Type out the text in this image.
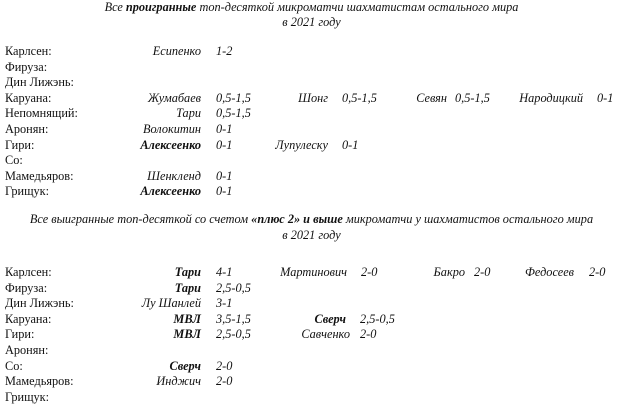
Все проигранные топ-десяткой микроматчи шахматистам остального мира
в 2021 году
Карлсен:	Есипенко 1-2
Фируза:
Дин Лижэнь:
Каруана:	Жумабаев 0,5-1,5	Шонг 0,5-1,5	Севян 0,5-1,5 Народицкий 0-1
Непомнящий:	Тари 0,5-1,5
Аронян:	Волокитин 0-1
Гири:	Алексеенко 0-1	Лупулеску 0-1
Со:
Мамедьяров:	Шенкленд 0-1
Грищук:	Алексеенко 0-1
Все выигранные топ-десяткой со счетом «плюс 2» и выше микроматчи у шахматистов остального мира
в 2021 году
Карлсен:	Тари 4-1	Мартинович 2-0	Бакро 2-0	Федосеев 2-0
Фируза:	Тари 2,5-0,5
Дин Лижэнь:	Лу Шанлей 3-1
Каруана:	МВЛ 3,5-1,5	Сверч 2,5-0,5
Гири:	МВЛ 2,5-0,5	Савченко 2-0
Аронян:
Со:	Сверч 2-0
Мамедьяров:	Инджич 2-0
Грищук:
